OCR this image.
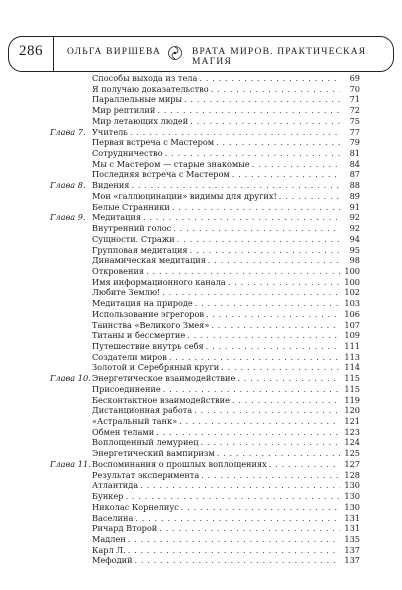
286	ОЛЬГА ВИРШЕВА	ВРАТА МИРОВ. ПРАКТИЧЕСКАЯ МАГИЯ
Способы выхода из тела . . .	69
Я получаю доказательство . . .	70
Параллельные миры . . .	71
Мир рептилий . . .	72
Мир летающих людей . . .	75
Глава 7. Учитель . . .	77
Первая встреча с Мастером . . .	79
Сотрудничество . . .	81
Мы с Мастером — старые знакомые . . .	84
Последняя встреча с Мастером . . .	87
Глава 8. Видения . . .	88
Мои «галлюцинации» видимы для других! . . .	89
Белые Странники . . .	91
Глава 9. Медитация . . .	92
Внутренний голос . . .	92
Сущности. Стражи . . .	94
Групповая медитация . . .	95
Динамическая медитация . . .	98
Откровения . . .	100
Имя информационного канала . . .	100
Любите Землю! . . .	102
Медитация на природе . . .	103
Использование эгрегоров . . .	106
Таинства «Великого Змея» . . .	107
Титаны и бессмертие . . .	109
Путешествие внутрь себя . . .	111
Создатели миров . . .	113
Золотой и Серебряный круги . . .	114
Глава 10. Энергетическое взаимодействие . . .	115
Присоединение . . .	115
Бесконтактное взаимодействие . . .	119
Дистанционная работа . . .	120
«Астральный танк» . . .	121
Обмен телами . . .	123
Воплощенный лемуриец . . .	124
Энергетический вампиризм . . .	125
Глава 11. Воспоминания о прошлых воплощениях . . .	127
Результат эксперимента . . .	128
Атлантида . . .	130
Бункер . . .	130
Николас Корнелиус . . .	130
Васелина . . .	131
Ричард Второй . . .	131
Мадлен . . .	135
Карл Л. . . .	137
Мефодий . . .	137
